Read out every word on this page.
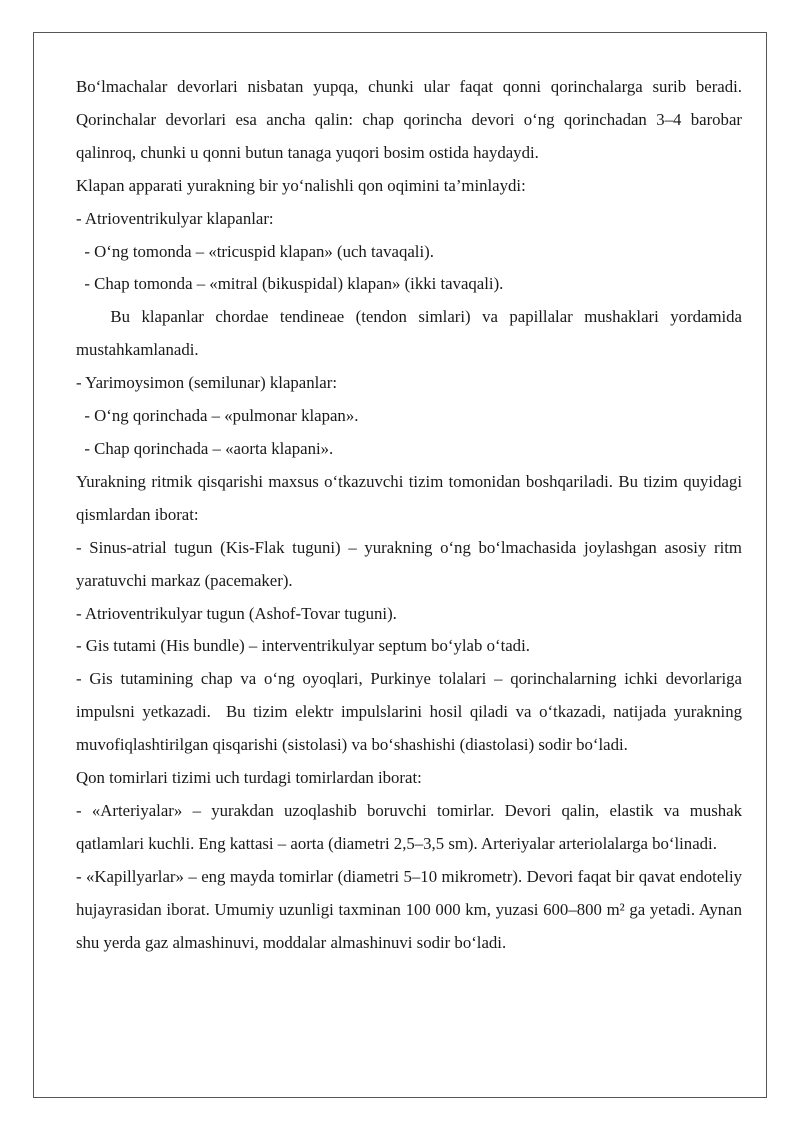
Bo‘lmachalar devorlari nisbatan yupqa, chunki ular faqat qonni qorinchalarga surib beradi. Qorinchalar devorlari esa ancha qalin: chap qorincha devori o‘ng qorinchadan 3–4 barobar qalinroq, chunki u qonni butun tanaga yuqori bosim ostida haydaydi.

Klapan apparati yurakning bir yo‘nalishli qon oqimini ta’minlaydi:

- Atrioventrikulyar klapanlar:

- O‘ng tomonda – «tricuspid klapan» (uch tavaqali).

- Chap tomonda – «mitral (bikuspidal) klapan» (ikki tavaqali).

Bu klapanlar chordae tendineae (tendon simlari) va papillalar mushaklari yordamida mustahkamlanadi.

- Yarimoysimon (semilunar) klapanlar:

- O‘ng qorinchada – «pulmonar klapan».

- Chap qorinchada – «aorta klapani».

Yurakning ritmik qisqarishi maxsus o‘tkazuvchi tizim tomonidan boshqariladi. Bu tizim quyidagi qismlardan iborat:

- Sinus-atrial tugun (Kis-Flak tuguni) – yurakning o‘ng bo‘lmachasida joylashgan asosiy ritm yaratuvchi markaz (pacemaker).

- Atrioventrikulyar tugun (Ashof-Tovar tuguni).

- Gis tutami (His bundle) – interventrikulyar septum bo‘ylab o‘tadi.

- Gis tutamining chap va o‘ng oyoqlari, Purkinye tolalari – qorinchalarning ichki devorlariga impulsni yetkazadi.  Bu tizim elektr impulslarini hosil qiladi va o‘tkazadi, natijada yurakning muvofiqlashtirilgan qisqarishi (sistolasi) va bo‘shashishi (diastolasi) sodir bo‘ladi.

Qon tomirlari tizimi uch turdagi tomirlardan iborat:

- «Arteriyalar» – yurakdan uzoqlashib boruvchi tomirlar. Devori qalin, elastik va mushak qatlamlari kuchli. Eng kattasi – aorta (diametri 2,5–3,5 sm). Arteriyalar arteriolalarga bo‘linadi.

- «Kapillyarlar» – eng mayda tomirlar (diametri 5–10 mikrometr). Devori faqat bir qavat endoteliy hujayrasidan iborat. Umumiy uzunligi taxminan 100 000 km, yuzasi 600–800 m² ga yetadi. Aynan shu yerda gaz almashinuvi, moddalar almashinuvi sodir bo‘ladi.
